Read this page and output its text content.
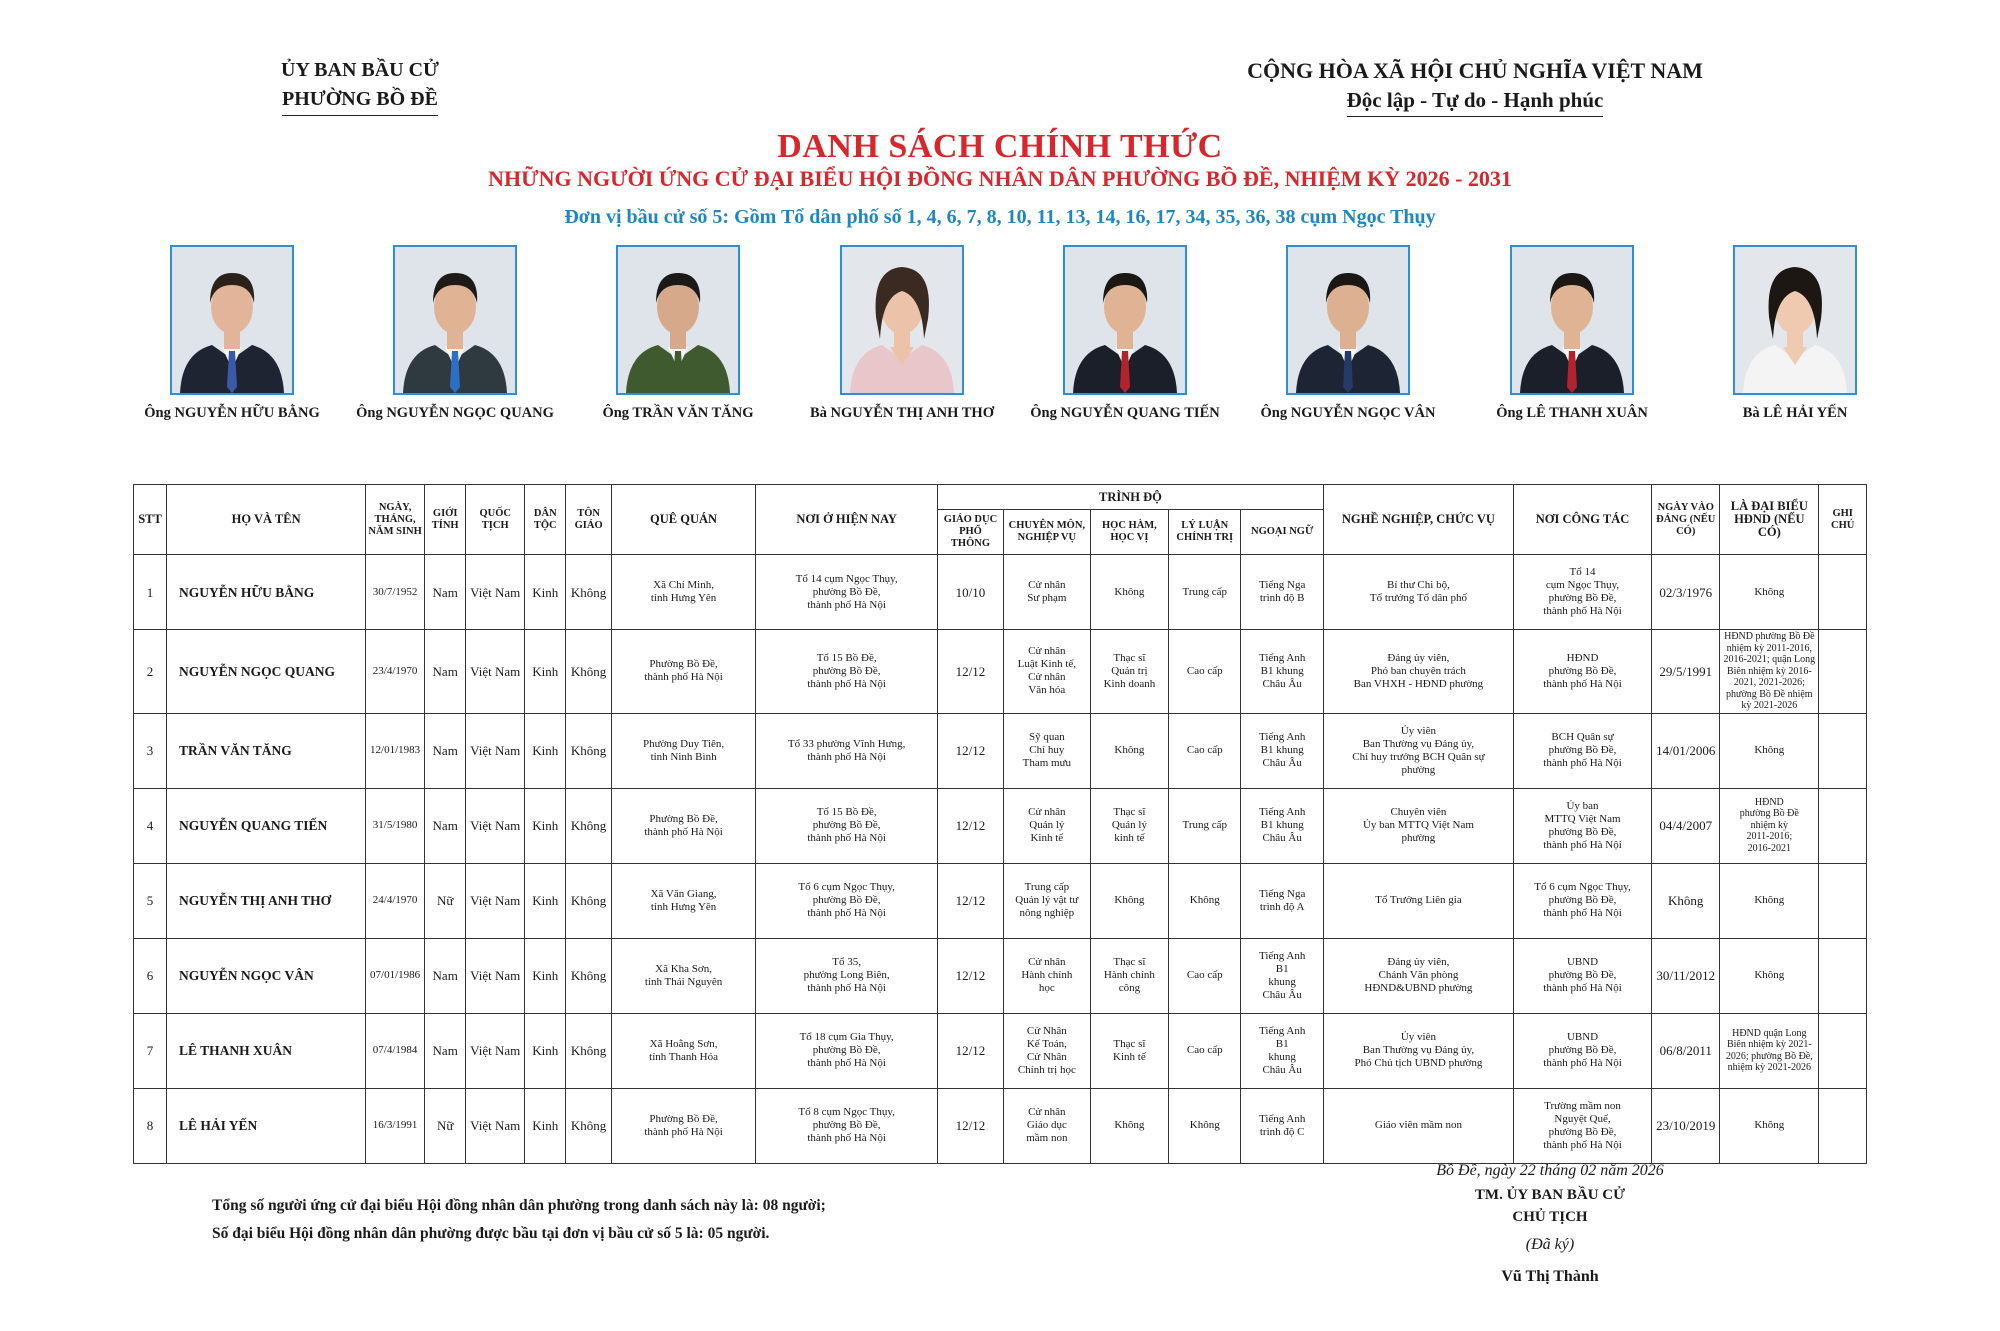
ỦY BAN BẦU CỬ
PHƯỜNG BỒ ĐỀ
CỘNG HÒA XÃ HỘI CHỦ NGHĨA VIỆT NAM
Độc lập - Tự do - Hạnh phúc
DANH SÁCH CHÍNH THỨC
NHỮNG NGƯỜI ỨNG CỬ ĐẠI BIỂU HỘI ĐỒNG NHÂN DÂN PHƯỜNG BỒ ĐỀ, NHIỆM KỲ 2026 - 2031
Đơn vị bầu cử số 5: Gồm Tổ dân phố số 1, 4, 6, 7, 8, 10, 11, 13, 14, 16, 17, 34, 35, 36, 38 cụm Ngọc Thụy
Ông NGUYỄN HỮU BẰNG	Ông NGUYỄN NGỌC QUANG	Ông TRẦN VĂN TĂNG	Bà NGUYỄN THỊ ANH THƠ	Ông NGUYỄN QUANG TIẾN	Ông NGUYỄN NGỌC VÂN	Ông LÊ THANH XUÂN	Bà LÊ HẢI YẾN
STT	HỌ VÀ TÊN	NGÀY, THÁNG, NĂM SINH	GIỚI TÍNH	QUỐC TỊCH	DÂN TỘC	TÔN GIÁO	QUÊ QUÁN	NƠI Ở HIỆN NAY	TRÌNH ĐỘ					NGHỀ NGHIỆP, CHỨC VỤ	NƠI CÔNG TÁC	NGÀY VÀO ĐẢNG (NẾU CÓ)	LÀ ĐẠI BIỂU HĐND (NẾU CÓ)	GHI CHÚ
									GIÁO DỤC PHỔ THÔNG	CHUYÊN MÔN, NGHIỆP VỤ	HỌC HÀM, HỌC VỊ	LÝ LUẬN CHÍNH TRỊ	NGOẠI NGỮ					
1	NGUYỄN HỮU BẰNG	30/7/1952	Nam	Việt Nam	Kinh	Không	Xã Chí Minh,
tỉnh Hưng Yên	Tổ 14 cụm Ngọc Thụy,
phường Bồ Đề,
thành phố Hà Nội	10/10	Cử nhân
Sư phạm	Không	Trung cấp	Tiếng Nga
trình độ B	Bí thư Chi bộ,
Tổ trưởng Tổ dân phố	Tổ 14
cụm Ngọc Thụy,
phường Bồ Đề,
thành phố Hà Nội	02/3/1976	Không	
2	NGUYỄN NGỌC QUANG	23/4/1970	Nam	Việt Nam	Kinh	Không	Phường Bồ Đề,
thành phố Hà Nội	Tổ 15 Bồ Đề,
phường Bồ Đề,
thành phố Hà Nội	12/12	Cử nhân
Luật Kinh tế,
Cử nhân
Văn hóa	Thạc sĩ
Quản trị
Kinh doanh	Cao cấp	Tiếng Anh
B1 khung
Châu Âu	Đảng ủy viên,
Phó ban chuyên trách
Ban VHXH - HĐND phường	HĐND
phường Bồ Đề,
thành phố Hà Nội	29/5/1991	HĐND phường Bồ Đề nhiệm kỳ 2011-2016, 2016-2021; quận Long Biên nhiệm kỳ 2016-2021, 2021-2026; phường Bồ Đề nhiệm kỳ 2021-2026	
3	TRẦN VĂN TĂNG	12/01/1983	Nam	Việt Nam	Kinh	Không	Phường Duy Tiên,
tỉnh Ninh Bình	Tổ 33 phường Vĩnh Hưng,
thành phố Hà Nội	12/12	Sỹ quan
Chỉ huy
Tham mưu	Không	Cao cấp	Tiếng Anh
B1 khung
Châu Âu	Ủy viên
Ban Thường vụ Đảng ủy,
Chỉ huy trưởng BCH Quân sự
phường	BCH Quân sự
phường Bồ Đề,
thành phố Hà Nội	14/01/2006	Không	
4	NGUYỄN QUANG TIẾN	31/5/1980	Nam	Việt Nam	Kinh	Không	Phường Bồ Đề,
thành phố Hà Nội	Tổ 15 Bồ Đề,
phường Bồ Đề,
thành phố Hà Nội	12/12	Cử nhân
Quản lý
Kinh tế	Thạc sĩ
Quản lý
kinh tế	Trung cấp	Tiếng Anh
B1 khung
Châu Âu	Chuyên viên
Ủy ban MTTQ Việt Nam
phường	Ủy ban
MTTQ Việt Nam
phường Bồ Đề,
thành phố Hà Nội	04/4/2007	HĐND
phường Bồ Đề
nhiệm kỳ
2011-2016;
2016-2021	
5	NGUYỄN THỊ ANH THƠ	24/4/1970	Nữ	Việt Nam	Kinh	Không	Xã Văn Giang,
tỉnh Hưng Yên	Tổ 6 cụm Ngọc Thụy,
phường Bồ Đề,
thành phố Hà Nội	12/12	Trung cấp
Quản lý vật tư
nông nghiệp	Không	Không	Tiếng Nga
trình độ A	Tổ Trưởng Liên gia	Tổ 6 cụm Ngọc Thụy,
phường Bồ Đề,
thành phố Hà Nội	Không	Không	
6	NGUYỄN NGỌC VÂN	07/01/1986	Nam	Việt Nam	Kinh	Không	Xã Kha Sơn,
tỉnh Thái Nguyên	Tổ 35,
phường Long Biên,
thành phố Hà Nội	12/12	Cử nhân
Hành chính
học	Thạc sĩ
Hành chính
công	Cao cấp	Tiếng Anh
B1
khung
Châu Âu	Đảng ủy viên,
Chánh Văn phòng
HĐND&UBND phường	UBND
phường Bồ Đề,
thành phố Hà Nội	30/11/2012	Không	
7	LÊ THANH XUÂN	07/4/1984	Nam	Việt Nam	Kinh	Không	Xã Hoằng Sơn,
tỉnh Thanh Hóa	Tổ 18 cụm Gia Thụy,
phường Bồ Đề,
thành phố Hà Nội	12/12	Cử Nhân
Kế Toán,
Cử Nhân
Chính trị học	Thạc sĩ
Kinh tế	Cao cấp	Tiếng Anh
B1
khung
Châu Âu	Ủy viên
Ban Thường vụ Đảng ủy,
Phó Chủ tịch UBND phường	UBND
phường Bồ Đề,
thành phố Hà Nội	06/8/2011	HĐND quận Long Biên nhiệm kỳ 2021-2026; phường Bồ Đề, nhiệm kỳ 2021-2026	
8	LÊ HẢI YẾN	16/3/1991	Nữ	Việt Nam	Kinh	Không	Phường Bồ Đề,
thành phố Hà Nội	Tổ 8 cụm Ngọc Thụy,
phường Bồ Đề,
thành phố Hà Nội	12/12	Cử nhân
Giáo dục
mầm non	Không	Không	Tiếng Anh
trình độ C	Giáo viên mầm non	Trường mầm non
Nguyệt Quế,
phường Bồ Đề,
thành phố Hà Nội	23/10/2019	Không	
Tổng số người ứng cử đại biểu Hội đồng nhân dân phường trong danh sách này là: 08 người;
Số đại biểu Hội đồng nhân dân phường được bầu tại đơn vị bầu cử số 5 là: 05 người.
Bồ Đề, ngày 22 tháng 02 năm 2026
TM. ỦY BAN BẦU CỬ
CHỦ TỊCH
(Đã ký)
Vũ Thị Thành
